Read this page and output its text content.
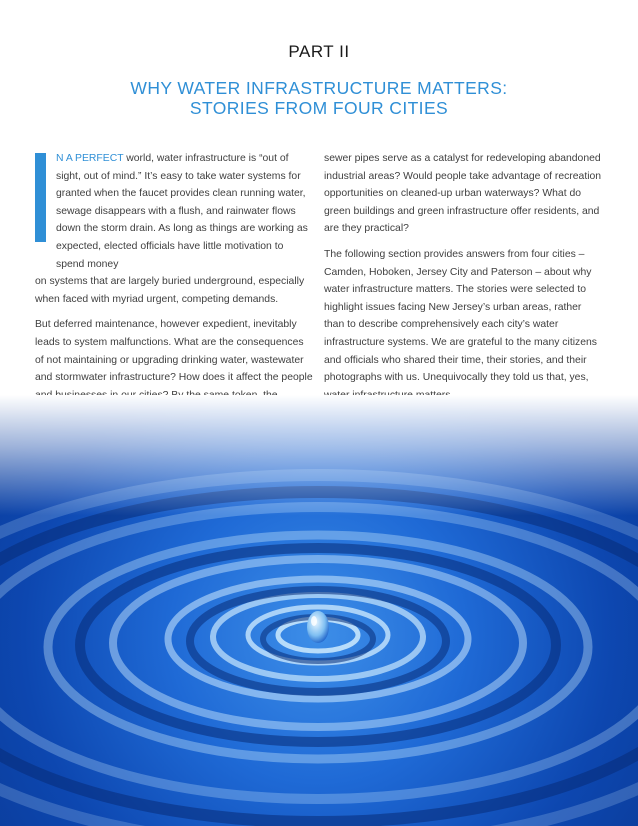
PART II
WHY WATER INFRASTRUCTURE MATTERS:
STORIES FROM FOUR CITIES
N A PERFECT world, water infrastructure is “out of sight, out of mind.” It’s easy to take water systems for granted when the faucet provides clean running water, sewage disappears with a flush, and rainwater flows down the storm drain. As long as things are working as expected, elected officials have little motivation to spend money

on systems that are largely buried underground, especially when faced with myriad urgent, competing demands.

But deferred maintenance, however expedient, inevitably leads to system malfunctions. What are the consequences of not maintaining or upgrading drinking water, wastewater and stormwater infrastructure? How does it affect the people

sewer pipes serve as a catalyst for redeveloping abandoned industrial areas? Would people take advantage of recreation opportunities on cleaned-up urban waterways? What do green buildings and green infrastructure offer residents, and are they practical?

The following section provides answers from four cities – Camden, Hoboken, Jersey City and Paterson – about why water infrastructure matters. The stories were selected to highlight issues facing New Jersey’s urban areas, rather than to describe comprehensively each city’s water infrastructure systems. We are grateful to the many citizens and officials who shared their time, their stories, and their photographs with us. Unequivocally they told us that, yes,
